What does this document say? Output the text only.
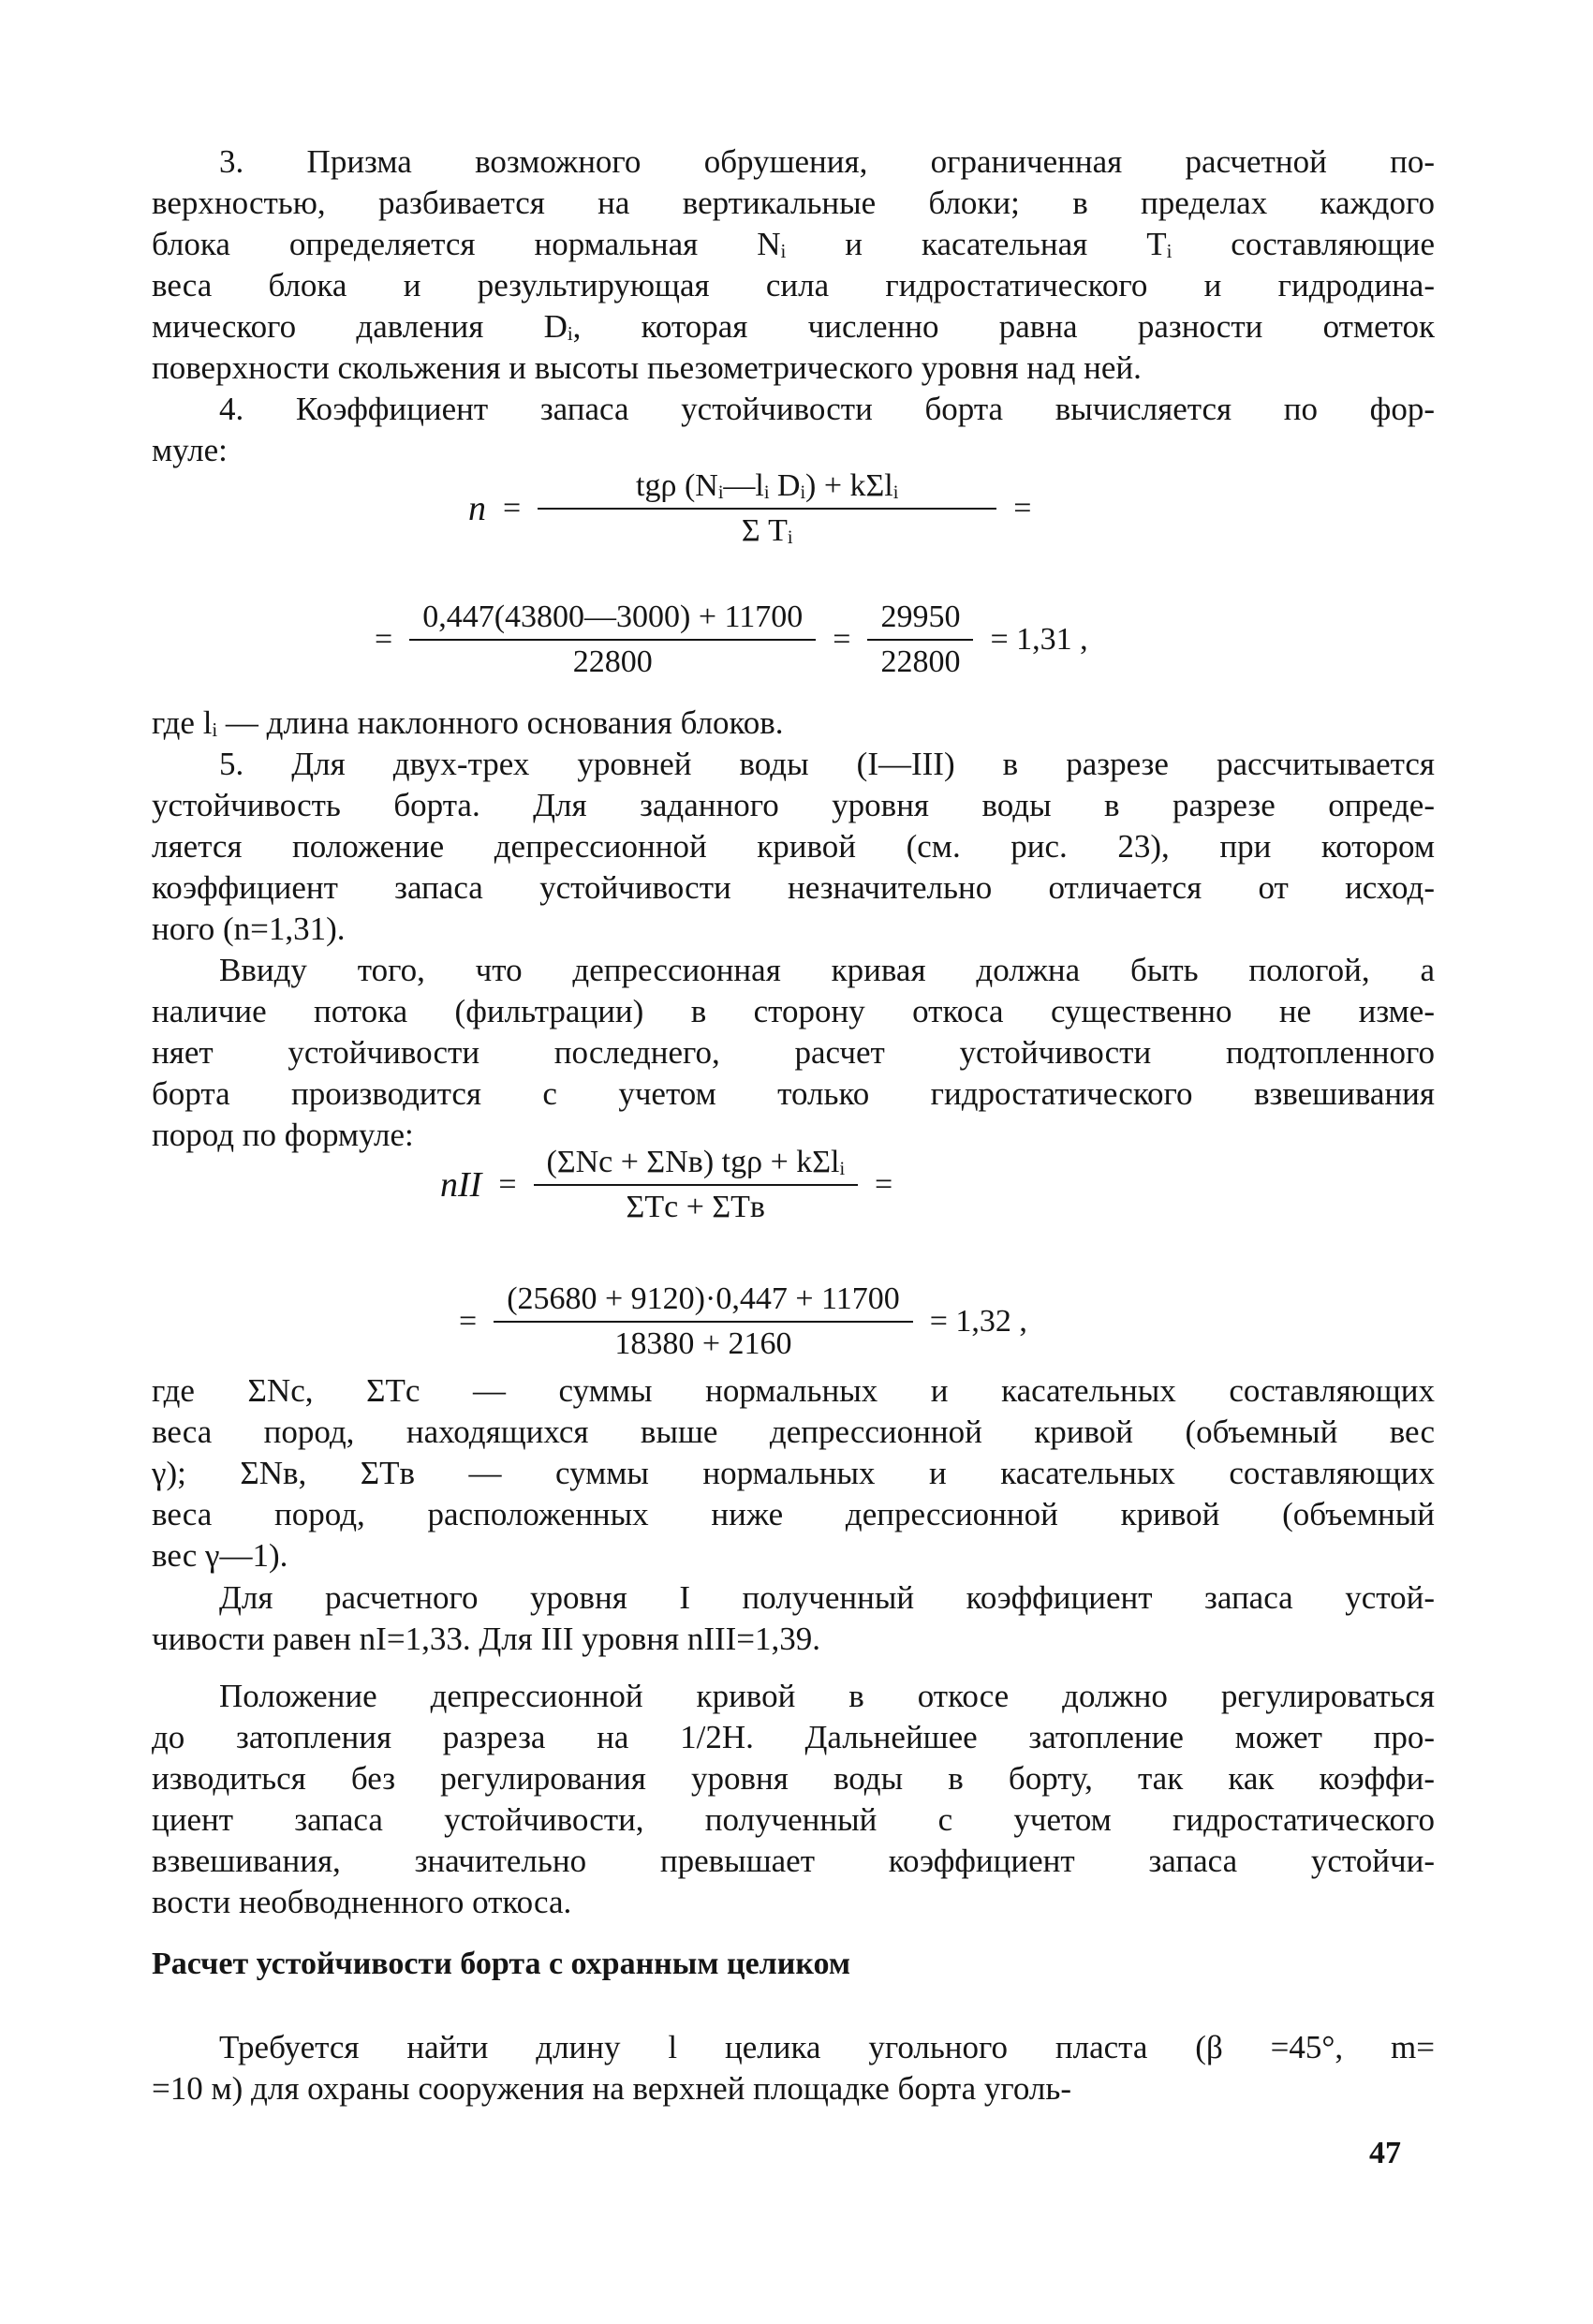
3. Призма возможного обрушения, ограниченная расчетной по-
верхностью, разбивается на вертикальные блоки; в пределах каждого
блока определяется нормальная Nᵢ и касательная Tᵢ составляющие
веса блока и результирующая сила гидростатического и гидродина-
мического давления Dᵢ, которая численно равна разности отметок
поверхности скольжения и высоты пьезометрического уровня над ней.
4. Коэффициент запаса устойчивости борта вычисляется по фор-
муле:
$n = \frac{\text{tgρ (Nᵢ—lᵢ Dᵢ) + kΣlᵢ}}{\text{Σ Tᵢ}}$ =
= $\frac{0,447(43800—3000) + 11700}{22800} = \frac{29950}{22800} = 1,31$ ,
где lᵢ — длина наклонного основания блоков.
5. Для двух-трех уровней воды (I—III) в разрезе рассчитывается
устойчивость борта. Для заданного уровня воды в разрезе опреде-
ляется положение депрессионной кривой (см. рис. 23), при котором
коэффициент запаса устойчивости незначительно отличается от исход-
ного (n=1,31).
Ввиду того, что депрессионная кривая должна быть пологой, а
наличие потока (фильтрации) в сторону откоса существенно не изме-
няет устойчивости последнего, расчет устойчивости подтопленного
борта производится с учетом только гидростатического взвешивания
пород по формуле:
nII = $\frac{\text{(ΣNс + ΣNв) tgρ + kΣlᵢ}}{\text{ΣTс + ΣTв}}$ =
= $\frac{(25680 + 9120)\cdot 0,447 + 11700}{18380 + 2160} = 1,32$ ,
где ΣNс, ΣTс — суммы нормальных и касательных составляющих
веса пород, находящихся выше депрессионной кривой (объемный вес
γ); ΣNв, ΣTв — суммы нормальных и касательных составляющих
веса пород, расположенных ниже депрессионной кривой (объемный
вес γ—1).
Для расчетного уровня I полученный коэффициент запаса устой-
чивости равен nI=1,33. Для III уровня nIII=1,39.
Положение депрессионной кривой в откосе должно регулироваться
до затопления разреза на 1/2H. Дальнейшее затопление может про-
изводиться без регулирования уровня воды в борту, так как коэффи-
циент запаса устойчивости, полученный с учетом гидростатического
взвешивания, значительно превышает коэффициент запаса устойчи-
вости необводненного откоса.
Расчет устойчивости борта с охранным целиком
Требуется найти длину l целика угольного пласта (β =45°, m=
=10 м) для охраны сооружения на верхней площадке борта уголь-
47
